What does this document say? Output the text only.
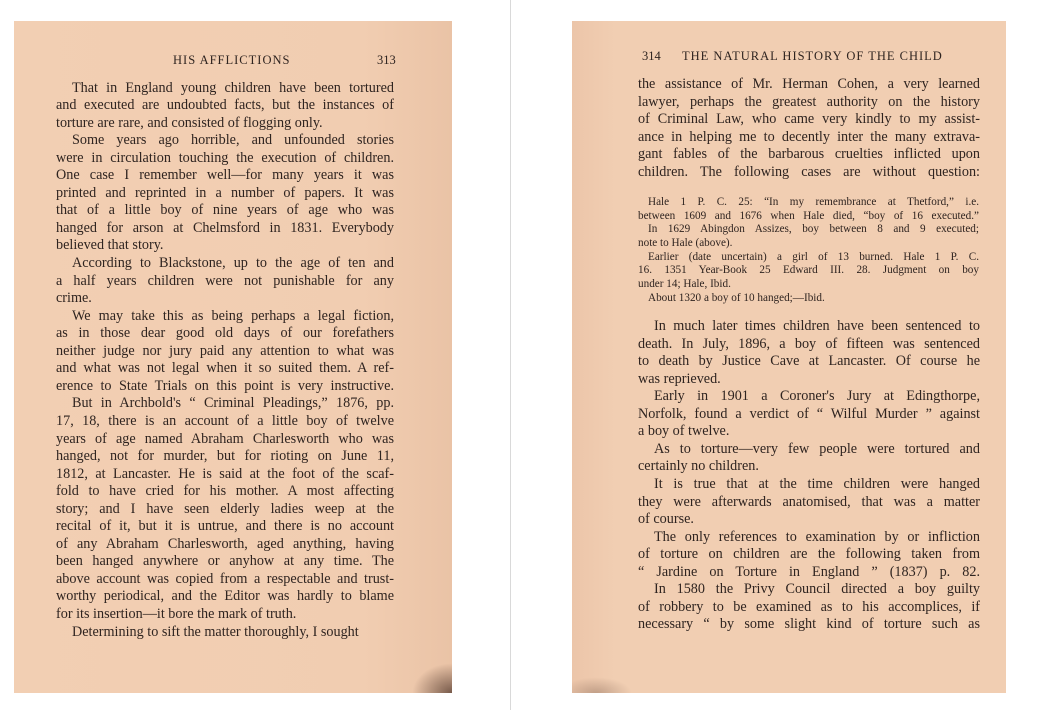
HIS AFFLICTIONS	313
That in England young children have been tortured
and executed are undoubted facts, but the instances of
torture are rare, and consisted of flogging only.
Some years ago horrible, and unfounded stories
were in circulation touching the execution of children.
One case I remember well—for many years it was
printed and reprinted in a number of papers. It was
that of a little boy of nine years of age who was
hanged for arson at Chelmsford in 1831. Everybody
believed that story.
According to Blackstone, up to the age of ten and
a half years children were not punishable for any
crime.
We may take this as being perhaps a legal fiction,
as in those dear good old days of our forefathers
neither judge nor jury paid any attention to what was
and what was not legal when it so suited them. A ref-
erence to State Trials on this point is very instructive.
But in Archbold's “ Criminal Pleadings,” 1876, pp.
17, 18, there is an account of a little boy of twelve
years of age named Abraham Charlesworth who was
hanged, not for murder, but for rioting on June 11,
1812, at Lancaster. He is said at the foot of the scaf-
fold to have cried for his mother. A most affecting
story; and I have seen elderly ladies weep at the
recital of it, but it is untrue, and there is no account
of any Abraham Charlesworth, aged anything, having
been hanged anywhere or anyhow at any time. The
above account was copied from a respectable and trust-
worthy periodical, and the Editor was hardly to blame
for its insertion—it bore the mark of truth.
Determining to sift the matter thoroughly, I sought
314 THE NATURAL HISTORY OF THE CHILD
the assistance of Mr. Herman Cohen, a very learned
lawyer, perhaps the greatest authority on the history
of Criminal Law, who came very kindly to my assist-
ance in helping me to decently inter the many extrava-
gant fables of the barbarous cruelties inflicted upon
children. The following cases are without question:
Hale 1 P. C. 25: “In my remembrance at Thetford,” i.e.
between 1609 and 1676 when Hale died, “boy of 16 executed.”
In 1629 Abingdon Assizes, boy between 8 and 9 executed;
note to Hale (above).
Earlier (date uncertain) a girl of 13 burned. Hale 1 P. C.
16. 1351 Year-Book 25 Edward III. 28. Judgment on boy
under 14; Hale, Ibid.
About 1320 a boy of 10 hanged;—Ibid.
In much later times children have been sentenced to
death. In July, 1896, a boy of fifteen was sentenced
to death by Justice Cave at Lancaster. Of course he
was reprieved.
Early in 1901 a Coroner's Jury at Edingthorpe,
Norfolk, found a verdict of “ Wilful Murder ” against
a boy of twelve.
As to torture—very few people were tortured and
certainly no children.
It is true that at the time children were hanged
they were afterwards anatomised, that was a matter
of course.
The only references to examination by or infliction
of torture on children are the following taken from
“ Jardine on Torture in England ” (1837) p. 82.
In 1580 the Privy Council directed a boy guilty
of robbery to be examined as to his accomplices, if
necessary “ by some slight kind of torture such as
